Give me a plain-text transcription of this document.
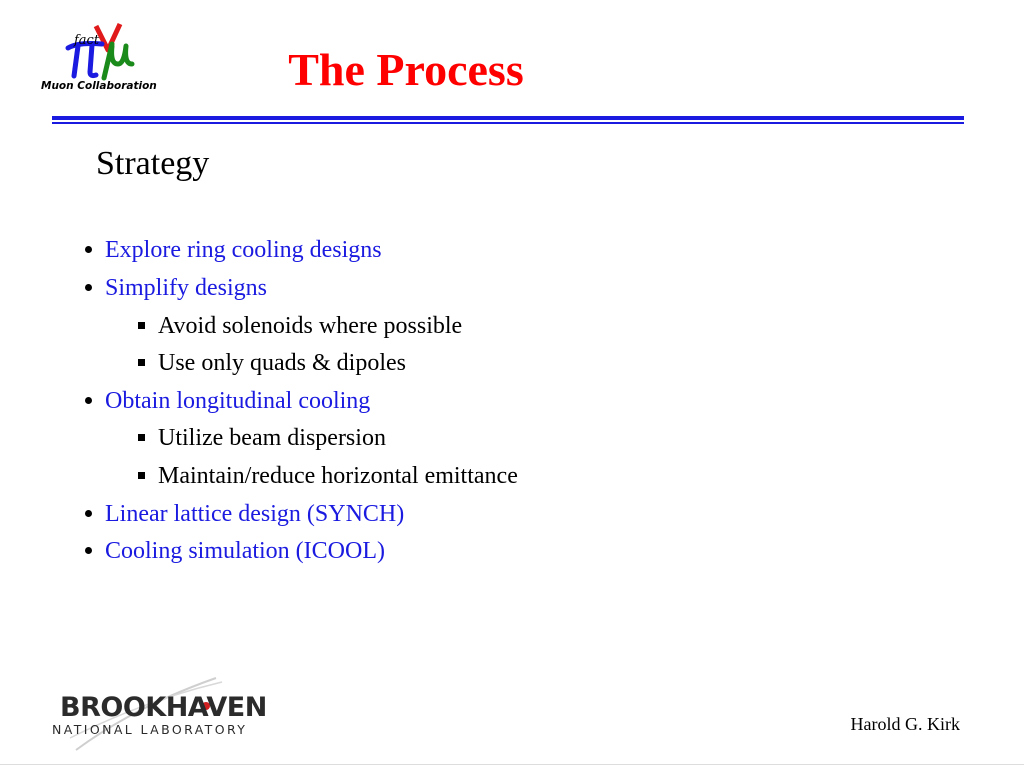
fact
Muon Collaboration	The Process
Strategy
Explore ring cooling designs
Simplify designs
Avoid solenoids where possible
Use only quads & dipoles
Obtain longitudinal cooling
Utilize beam dispersion
Maintain/reduce horizontal emittance
Linear lattice design (SYNCH)
Cooling simulation (ICOOL)
BROOKHAVEN
NATIONAL LABORATORY	Harold G. Kirk
